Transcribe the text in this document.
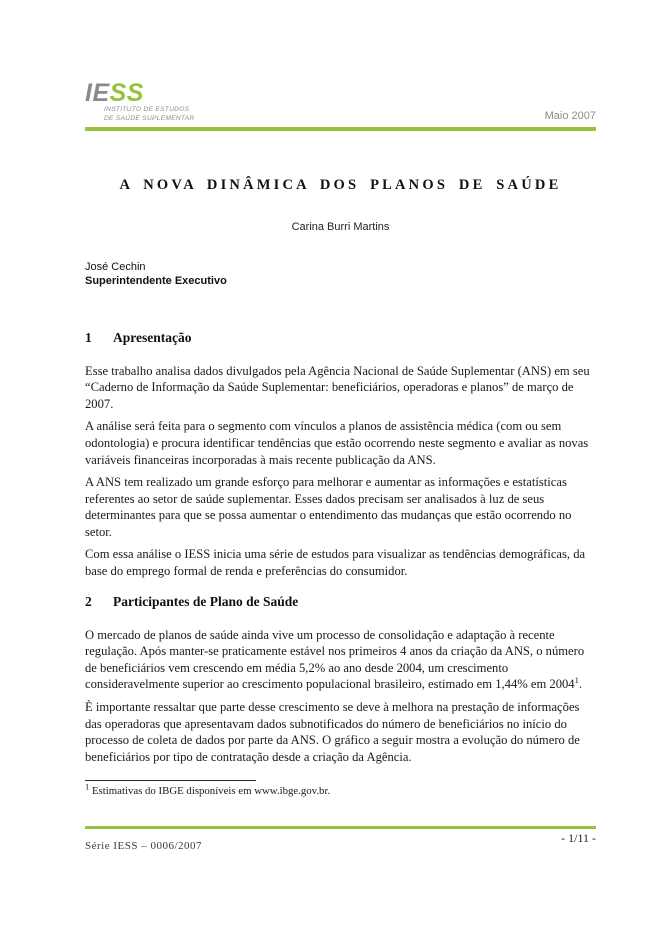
IESS
INSTITUTO DE ESTUDOS
DE SAÚDE SUPLEMENTAR	Maio 2007
A NOVA DINÂMICA DOS PLANOS DE SAÚDE
Carina Burri Martins
José Cechin
Superintendente Executivo
1 Apresentação

Esse trabalho analisa dados divulgados pela Agência Nacional de Saúde Suplementar (ANS) em seu “Caderno de Informação da Saúde Suplementar: beneficiários, operadoras e planos” de março de 2007.

A análise será feita para o segmento com vínculos a planos de assistência médica (com ou sem odontologia) e procura identificar tendências que estão ocorrendo neste segmento e avaliar as novas variáveis financeiras incorporadas à mais recente publicação da ANS.

A ANS tem realizado um grande esforço para melhorar e aumentar as informações e estatísticas referentes ao setor de saúde suplementar. Esses dados precisam ser analisados à luz de seus determinantes para que se possa aumentar o entendimento das mudanças que estão ocorrendo no setor.

Com essa análise o IESS inicia uma série de estudos para visualizar as tendências demográficas, da base do emprego formal de renda e preferências do consumidor.

2 Participantes de Plano de Saúde

O mercado de planos de saúde ainda vive um processo de consolidação e adaptação à recente regulação. Após manter-se praticamente estável nos primeiros 4 anos da criação da ANS, o número de beneficiários vem crescendo em média 5,2% ao ano desde 2004, um crescimento consideravelmente superior ao crescimento populacional brasileiro, estimado em 1,44% em 2004$^1$.

È importante ressaltar que parte desse crescimento se deve à melhora na prestação de informações das operadoras que apresentavam dados subnotificados do número de beneficiários no início do processo de coleta de dados por parte da ANS. O gráfico a seguir mostra a evolução do número de beneficiários por tipo de contratação desde a criação da Agência.

$^1$ Estimativas do IBGE disponíveis em www.ibge.gov.br.

Série IESS – 0006/2007
- 1/11 -
